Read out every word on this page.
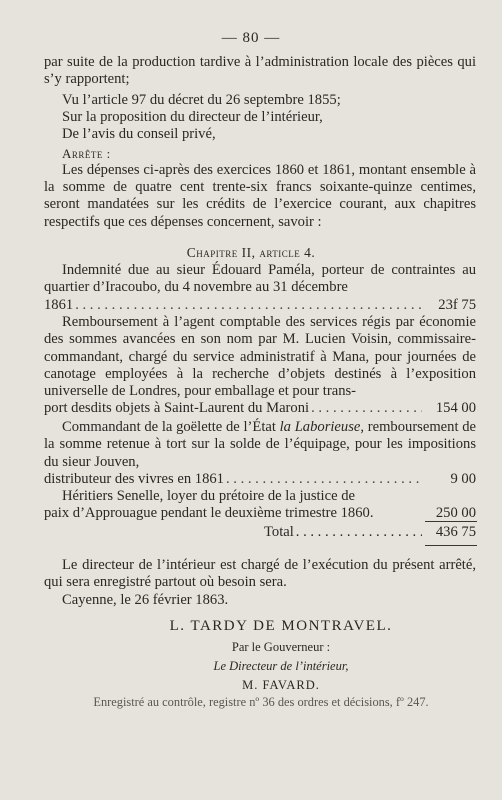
— 80 —

par suite de la production tardive à l’administration locale des pièces qui s’y rapportent;

Vu l’article 97 du décret du 26 septembre 1855;

Sur la proposition du directeur de l’intérieur,

De l’avis du conseil privé,

Arrête :

Les dépenses ci-après des exercices 1860 et 1861, montant ensemble à la somme de quatre cent trente-six francs soixante-quinze centimes, seront mandatées sur les crédits de l’exercice courant, aux chapitres respectifs que ces dépenses concernent, savoir :

Chapitre II, article 4.
Indemnité due au sieur Édouard Paméla, porteur de contraintes au quartier d’Iracoubo, du 4 novembre au 31 décembre
1861 . . .	23f 75
Remboursement à l’agent comptable des services régis par économie des sommes avancées en son nom par M. Lucien Voisin, commissaire-commandant, chargé du service administratif à Mana, pour journées de canotage employées à la recherche d’objets destinés à l’exposition universelle de Londres, pour emballage et pour trans-
port desdits objets à Saint-Laurent du Maroni . . .	154 00
Commandant de la goëlette de l’État la Laborieuse, remboursement de la somme retenue à tort sur la solde de l’équipage, pour les impositions du sieur Jouven,
distributeur des vivres en 1861 . . .	9 00
Héritiers Senelle, loyer du prétoire de la justice de
paix d’Approuague pendant le deuxième trimestre 1860.	250 00
Total . . .	436 75

Le directeur de l’intérieur est chargé de l’exécution du présent arrêté, qui sera enregistré partout où besoin sera.

Cayenne, le 26 février 1863.

L. TARDY DE MONTRAVEL.
Par le Gouverneur :
Le Directeur de l’intérieur,
M. FAVARD.
Enregistré au contrôle, registre nº 36 des ordres et décisions, fº 247.
